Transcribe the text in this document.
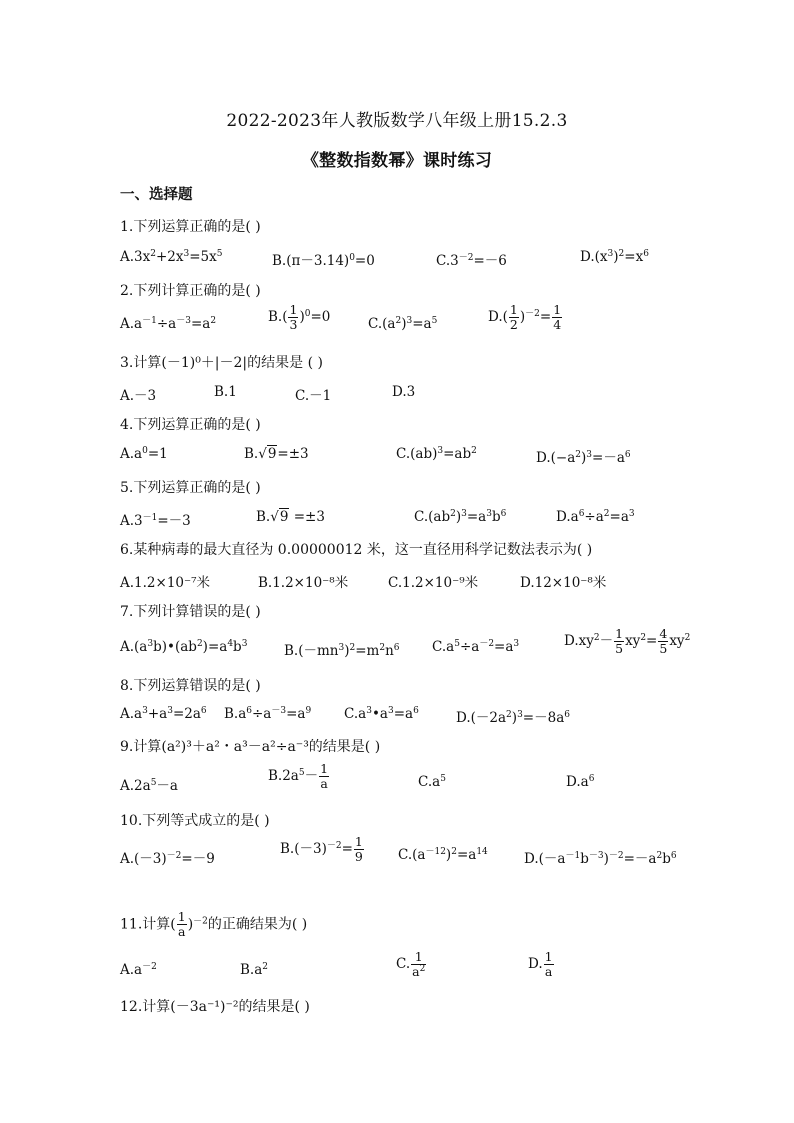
2022-2023年人教版数学八年级上册15.2.3
《整数指数幂》课时练习
一、选择题
1.下列运算正确的是( )
$A.3x^2+2x^3=5x^5$	$B.(\pi-3.14)^0=0$	$C.3^{-2}=-6$	$D.(x^3)^2=x^6$
2.下列计算正确的是( )
$A.a^{-1}\div a^{-3}=a^2$	$B.( \frac{1}{3} )^0=0$	$C.(a^2)^3=a^5$	$D.( \frac{1}{2} )^{-2}= \frac{1}{4}$
3.计算(－1)⁰＋|－2|的结果是 ( )
A.－3	B.1	C.－1	D.3
4.下列运算正确的是( )
$A.a^0=1$	B.√9=±3	$C.(ab)^3=ab^2$	$D.(-a^2)^3=-a^6$
5.下列运算正确的是( )
$A.3^{-1}=-3$	B.√9 =±3	$C.(ab^2)^3=a^3b^6$	$D.a^6\div a^2=a^3$
6.某种病毒的最大直径为 0.00000012 米，这一直径用科学记数法表示为( )
A.1.2×10⁻⁷米	B.1.2×10⁻⁸米	C.1.2×10⁻⁹米	D.12×10⁻⁸米
7.下列计算错误的是( )
$A.(a^3b)•(ab^2)=a^4b^3$	$B.(-mn^3)^2=m^2n^6$ $C.a^5\div a^{-2}=a^3$	$D.xy^2- \frac{1}{5} xy^2= \frac{4}{5} xy^2$
8.下列运算错误的是( )
$A.a^3+a^3=2a^6$ $B.a^6\div a^{-3}=a^9$ $C.a^3•a^3=a^6$	$D.(-2a^2)^3=-8a^6$
9.计算(a²)³＋a²・a³－a²÷a⁻³的结果是( )
$A.2a^5-a$
$B.2a^5- \frac{1}{a}$	$C.a^5$	$D.a^6$
10.下列等式成立的是( )
$A.(-3)^{-2}=-9$
$B.(-3)^{-2}= \frac{1}{9}$	$C.(a^{-12})^2=a^{14}$	$D.(-a^{-1}b^{-3})^{-2}=-a^2b^6$
11.计算( $\frac{1}{a} )^{-2}$的正确结果为( )
$A.a^{-2}$	$B.a^2$	C. $\frac{1}{a^2}$	D. $\frac{1}{a}$
12.计算(－3a⁻¹)⁻²的结果是( )
